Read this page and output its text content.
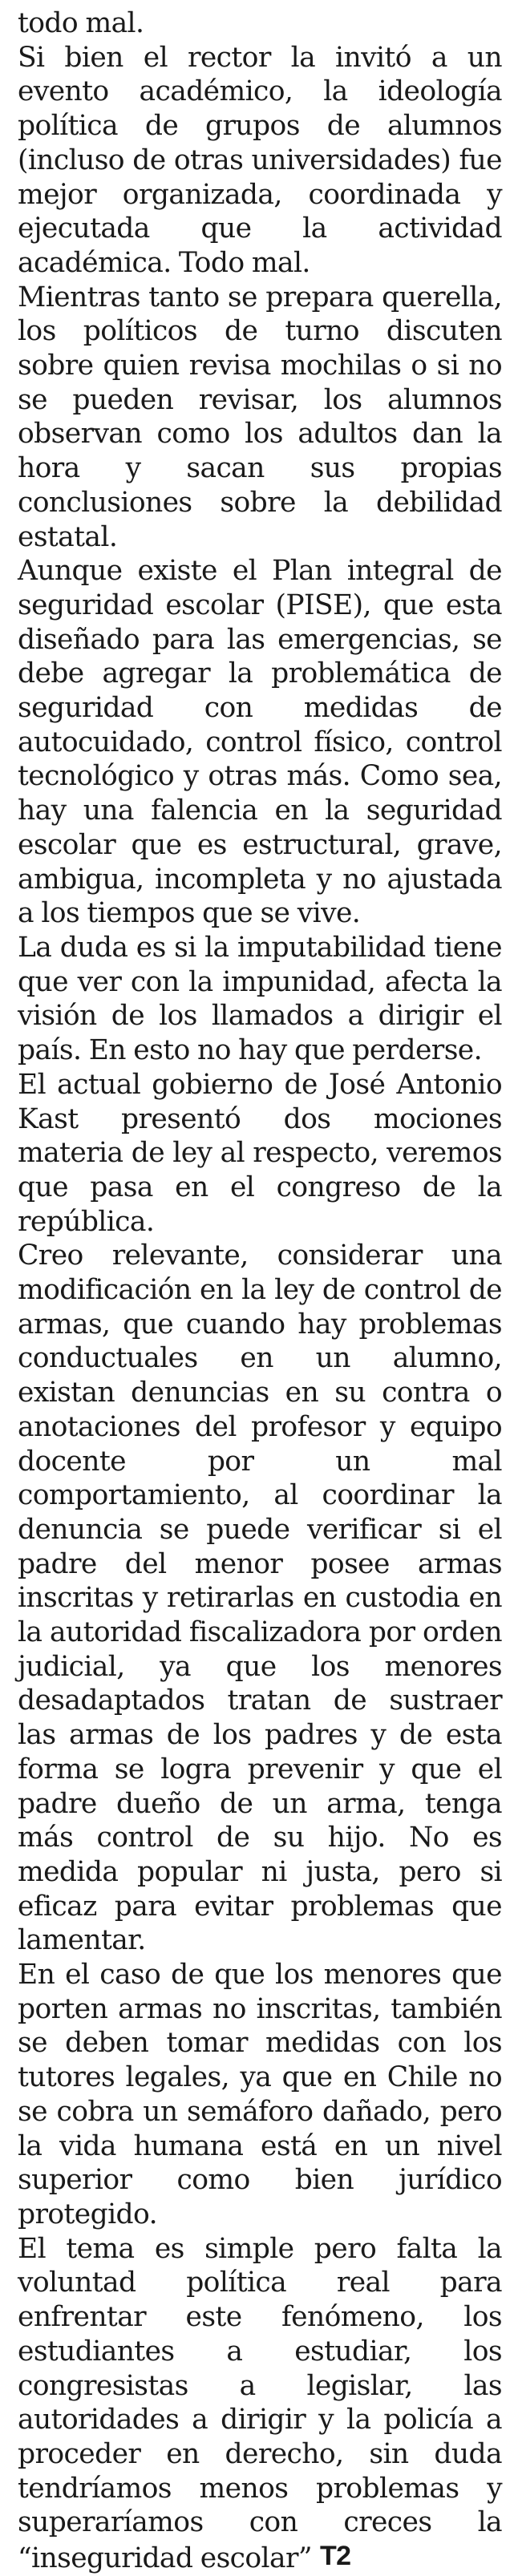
todo mal.

Si bien el rector la invitó a un evento académico, la ideología política de grupos de alumnos (incluso de otras universidades) fue mejor organizada, coordinada y ejecutada que la actividad académica. Todo mal.

Mientras tanto se prepara querella, los políticos de turno discuten sobre quien revisa mochilas o si no se pueden revisar, los alumnos observan como los adultos dan la hora y sacan sus propias conclusiones sobre la debilidad estatal.

Aunque existe el Plan integral de seguridad escolar (PISE), que esta diseñado para las emergencias, se debe agregar la problemática de seguridad con medidas de autocuidado, control físico, control tecnológico y otras más. Como sea, hay una falencia en la seguridad escolar que es estructural, grave, ambigua, incompleta y no ajustada a los tiempos que se vive.

La duda es si la imputabilidad tiene que ver con la impunidad, afecta la visión de los llamados a dirigir el país. En esto no hay que perderse.

El actual gobierno de José Antonio Kast presentó dos mociones materia de ley al respecto, veremos que pasa en el congreso de la república.

Creo relevante, considerar una modificación en la ley de control de armas, que cuando hay problemas conductuales en un alumno, existan denuncias en su contra o anotaciones del profesor y equipo docente por un mal comportamiento, al coordinar la denuncia se puede verificar si el padre del menor posee armas inscritas y retirarlas en custodia en la autoridad fiscalizadora por orden judicial, ya que los menores desadaptados tratan de sustraer las armas de los padres y de esta forma se logra prevenir y que el padre dueño de un arma, tenga más control de su hijo. No es medida popular ni justa, pero si eficaz para evitar problemas que lamentar.

En el caso de que los menores que porten armas no inscritas, también se deben tomar medidas con los tutores legales, ya que en Chile no se cobra un semáforo dañado, pero la vida humana está en un nivel superior como bien jurídico protegido.

El tema es simple pero falta la voluntad política real para enfrentar este fenómeno, los estudiantes a estudiar, los congresistas a legislar, las autoridades a dirigir y la policía a proceder en derecho, sin duda tendríamos menos problemas y superaríamos con creces la “inseguridad escolar” T2
